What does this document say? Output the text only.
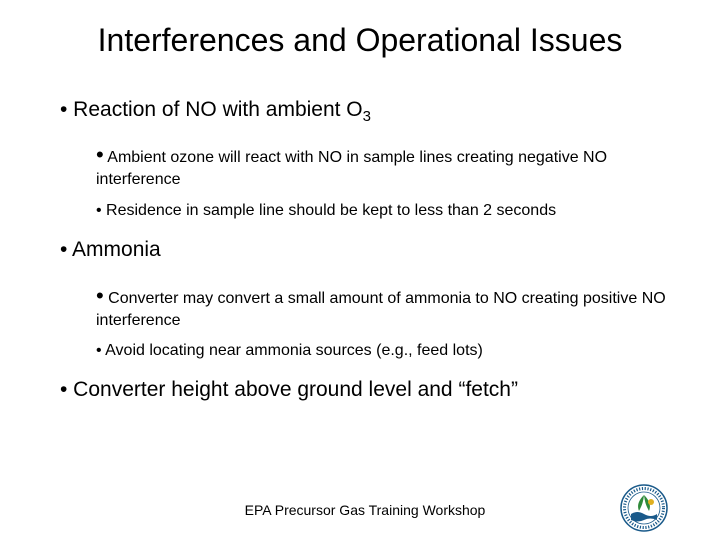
Interferences and Operational Issues
• Reaction of NO with ambient $O_3$
• Ambient ozone will react with NO in sample lines creating negative NO interference
• Residence in sample line should be kept to less than 2 seconds
• Ammonia
• Converter may convert a small amount of ammonia to NO creating positive NO interference
• Avoid locating near ammonia sources (e.g., feed lots)
• Converter height above ground level and “fetch”
EPA Precursor Gas Training Workshop
